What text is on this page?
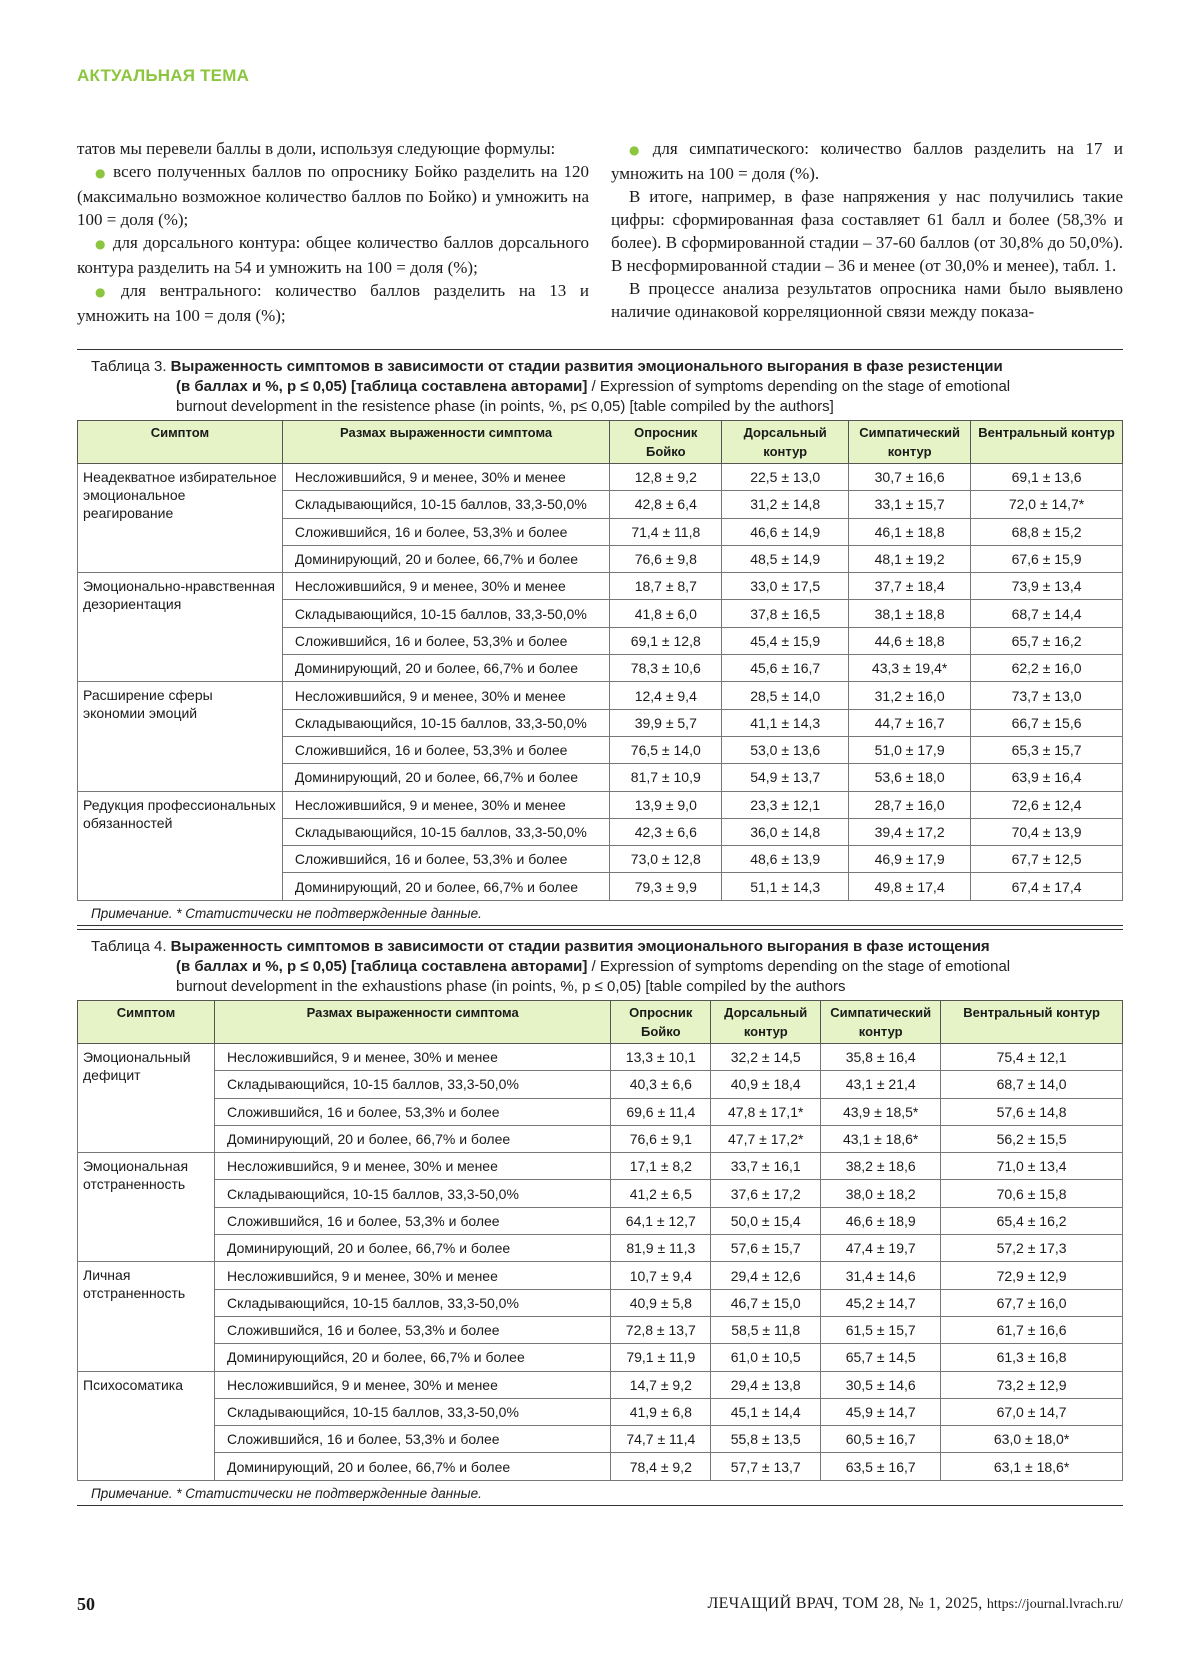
АКТУАЛЬНАЯ ТЕМА

татов мы перевели баллы в доли, используя следующие формулы:

● всего полученных баллов по опроснику Бойко разделить на 120 (максимально возможное количество баллов по Бойко) и умножить на 100 = доля (%);

● для дорсального контура: общее количество баллов дорсального контура разделить на 54 и умножить на 100 = доля (%);

● для вентрального: количество баллов разделить на 13 и умножить на 100 = доля (%);

● для симпатического: количество баллов разделить на 17 и умножить на 100 = доля (%).

В итоге, например, в фазе напряжения у нас получились такие цифры: сформированная фаза составляет 61 балл и более (58,3% и более). В сформированной стадии – 37-60 баллов (от 30,8% до 50,0%). В несформированной стадии – 36 и менее (от 30,0% и менее), табл. 1.

В процессе анализа результатов опросника нами было выявлено наличие одинаковой корреляционной связи между показа-

Таблица 3. Выраженность симптомов в зависимости от стадии развития эмоционального выгорания в фазе резистенции
(в баллах и %, p ≤ 0,05) [таблица составлена авторами] / Expression of symptoms depending on the stage of emotional
burnout development in the resistence phase (in points, %, p≤ 0,05) [table compiled by the authors]
Симптом	Размах выраженности симптома	Опросник Бойко	Дорсальный контур	Симпатический контур	Вентральный контур
Неадекватное избирательное эмоциональное реагирование	Несложившийся, 9 и менее, 30% и менее	12,8 ± 9,2	22,5 ± 13,0	30,7 ± 16,6	69,1 ± 13,6
	Складывающийся, 10-15 баллов, 33,3-50,0%	42,8 ± 6,4	31,2 ± 14,8	33,1 ± 15,7	72,0 ± 14,7*
	Сложившийся, 16 и более, 53,3% и более	71,4 ± 11,8	46,6 ± 14,9	46,1 ± 18,8	68,8 ± 15,2
	Доминирующий, 20 и более, 66,7% и более	76,6 ± 9,8	48,5 ± 14,9	48,1 ± 19,2	67,6 ± 15,9
Эмоционально-нравственная дезориентация	Несложившийся, 9 и менее, 30% и менее	18,7 ± 8,7	33,0 ± 17,5	37,7 ± 18,4	73,9 ± 13,4
	Складывающийся, 10-15 баллов, 33,3-50,0%	41,8 ± 6,0	37,8 ± 16,5	38,1 ± 18,8	68,7 ± 14,4
	Сложившийся, 16 и более, 53,3% и более	69,1 ± 12,8	45,4 ± 15,9	44,6 ± 18,8	65,7 ± 16,2
	Доминирующий, 20 и более, 66,7% и более	78,3 ± 10,6	45,6 ± 16,7	43,3 ± 19,4*	62,2 ± 16,0
Расширение сферы экономии эмоций	Несложившийся, 9 и менее, 30% и менее	12,4 ± 9,4	28,5 ± 14,0	31,2 ± 16,0	73,7 ± 13,0
	Складывающийся, 10-15 баллов, 33,3-50,0%	39,9 ± 5,7	41,1 ± 14,3	44,7 ± 16,7	66,7 ± 15,6
	Сложившийся, 16 и более, 53,3% и более	76,5 ± 14,0	53,0 ± 13,6	51,0 ± 17,9	65,3 ± 15,7
	Доминирующий, 20 и более, 66,7% и более	81,7 ± 10,9	54,9 ± 13,7	53,6 ± 18,0	63,9 ± 16,4
Редукция профессиональных обязанностей	Несложившийся, 9 и менее, 30% и менее	13,9 ± 9,0	23,3 ± 12,1	28,7 ± 16,0	72,6 ± 12,4
	Складывающийся, 10-15 баллов, 33,3-50,0%	42,3 ± 6,6	36,0 ± 14,8	39,4 ± 17,2	70,4 ± 13,9
	Сложившийся, 16 и более, 53,3% и более	73,0 ± 12,8	48,6 ± 13,9	46,9 ± 17,9	67,7 ± 12,5
	Доминирующий, 20 и более, 66,7% и более	79,3 ± 9,9	51,1 ± 14,3	49,8 ± 17,4	67,4 ± 17,4
Примечание. * Статистически не подтвержденные данные.
Таблица 4. Выраженность симптомов в зависимости от стадии развития эмоционального выгорания в фазе истощения
(в баллах и %, p ≤ 0,05) [таблица составлена авторами] / Expression of symptoms depending on the stage of emotional
burnout development in the exhaustions phase (in points, %, p ≤ 0,05) [table compiled by the authors
Симптом	Размах выраженности симптома	Опросник Бойко	Дорсальный контур	Симпатический контур	Вентральный контур
Эмоциональный дефицит	Несложившийся, 9 и менее, 30% и менее	13,3 ± 10,1	32,2 ± 14,5	35,8 ± 16,4	75,4 ± 12,1
	Складывающийся, 10-15 баллов, 33,3-50,0%	40,3 ± 6,6	40,9 ± 18,4	43,1 ± 21,4	68,7 ± 14,0
	Сложившийся, 16 и более, 53,3% и более	69,6 ± 11,4	47,8 ± 17,1*	43,9 ± 18,5*	57,6 ± 14,8
	Доминирующий, 20 и более, 66,7% и более	76,6 ± 9,1	47,7 ± 17,2*	43,1 ± 18,6*	56,2 ± 15,5
Эмоциональная отстраненность	Несложившийся, 9 и менее, 30% и менее	17,1 ± 8,2	33,7 ± 16,1	38,2 ± 18,6	71,0 ± 13,4
	Складывающийся, 10-15 баллов, 33,3-50,0%	41,2 ± 6,5	37,6 ± 17,2	38,0 ± 18,2	70,6 ± 15,8
	Сложившийся, 16 и более, 53,3% и более	64,1 ± 12,7	50,0 ± 15,4	46,6 ± 18,9	65,4 ± 16,2
	Доминирующий, 20 и более, 66,7% и более	81,9 ± 11,3	57,6 ± 15,7	47,4 ± 19,7	57,2 ± 17,3
Личная отстраненность	Несложившийся, 9 и менее, 30% и менее	10,7 ± 9,4	29,4 ± 12,6	31,4 ± 14,6	72,9 ± 12,9
	Складывающийся, 10-15 баллов, 33,3-50,0%	40,9 ± 5,8	46,7 ± 15,0	45,2 ± 14,7	67,7 ± 16,0
	Сложившийся, 16 и более, 53,3% и более	72,8 ± 13,7	58,5 ± 11,8	61,5 ± 15,7	61,7 ± 16,6
	Доминирующийся, 20 и более, 66,7% и более	79,1 ± 11,9	61,0 ± 10,5	65,7 ± 14,5	61,3 ± 16,8
Психосоматика	Несложившийся, 9 и менее, 30% и менее	14,7 ± 9,2	29,4 ± 13,8	30,5 ± 14,6	73,2 ± 12,9
	Складывающийся, 10-15 баллов, 33,3-50,0%	41,9 ± 6,8	45,1 ± 14,4	45,9 ± 14,7	67,0 ± 14,7
	Сложившийся, 16 и более, 53,3% и более	74,7 ± 11,4	55,8 ± 13,5	60,5 ± 16,7	63,0 ± 18,0*
	Доминирующий, 20 и более, 66,7% и более	78,4 ± 9,2	57,7 ± 13,7	63,5 ± 16,7	63,1 ± 18,6*
Примечание. * Статистически не подтвержденные данные.
50	ЛЕЧАЩИЙ ВРАЧ, ТОМ 28, № 1, 2025, https://journal.lvrach.ru/
